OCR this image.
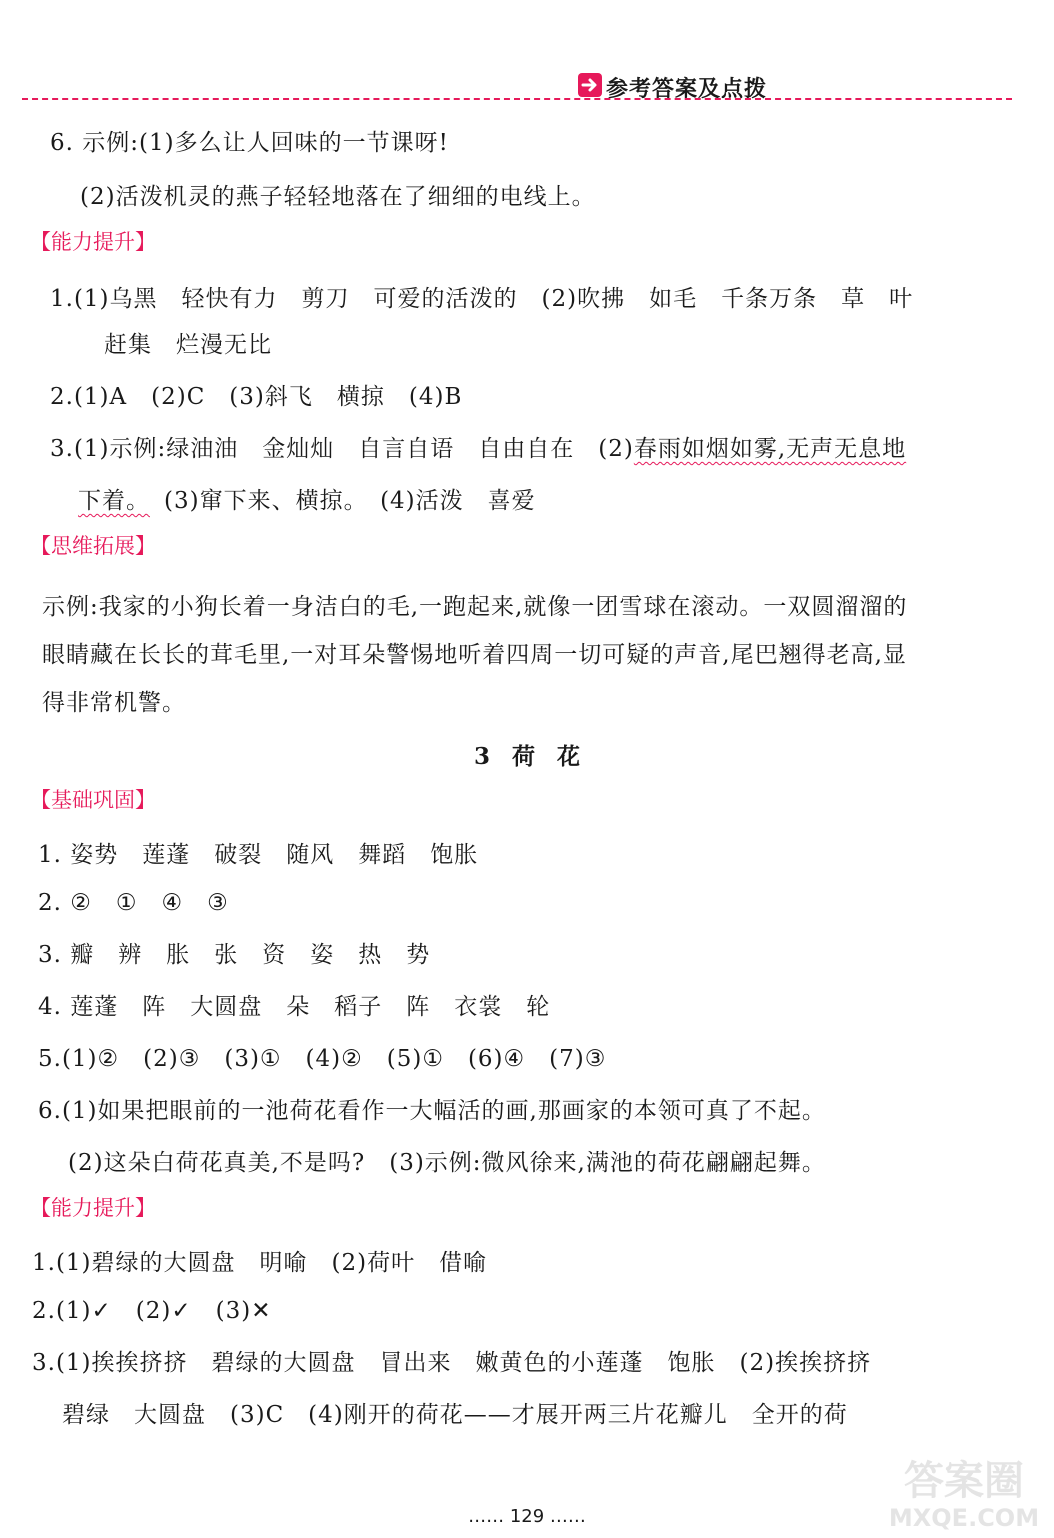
参考答案及点拨
6. 示例:(1)多么让人回味的一节课呀!
(2)活泼机灵的燕子轻轻地落在了细细的电线上。
【能力提升】
1.(1)乌黑　轻快有力　剪刀　可爱的活泼的　(2)吹拂　如毛　千条万条　草　叶
赶集　烂漫无比
2.(1)A　(2)C　(3)斜飞　横掠　(4)B
3.(1)示例:绿油油　金灿灿　自言自语　自由自在　(2)春雨如烟如雾,无声无息地
下着。 (3)窜下来、横掠。　(4)活泼　喜爱
【思维拓展】
示例:我家的小狗长着一身洁白的毛,一跑起来,就像一团雪球在滚动。一双圆溜溜的
眼睛藏在长长的茸毛里,一对耳朵警惕地听着四周一切可疑的声音,尾巴翘得老高,显
得非常机警。
3 荷 花
【基础巩固】
1. 姿势　莲蓬　破裂　随风　舞蹈　饱胀
2. ②　①　④　③
3. 瓣　辨　胀　张　资　姿　热　势
4. 莲蓬　阵　大圆盘　朵　稻子　阵　衣裳　轮
5.(1)②　(2)③　(3)①　(4)②　(5)①　(6)④　(7)③
6.(1)如果把眼前的一池荷花看作一大幅活的画,那画家的本领可真了不起。
(2)这朵白荷花真美,不是吗?　(3)示例:微风徐来,满池的荷花翩翩起舞。
【能力提升】
1.(1)碧绿的大圆盘　明喻　(2)荷叶　借喻
2.(1)✓　(2)✓　(3)✕
3.(1)挨挨挤挤　碧绿的大圆盘　冒出来　嫩黄色的小莲蓬　饱胀　(2)挨挨挤挤
碧绿　大圆盘　(3)C　(4)刚开的荷花——才展开两三片花瓣儿　全开的荷
…… 129 ……
答案圈
MXQE.COM
